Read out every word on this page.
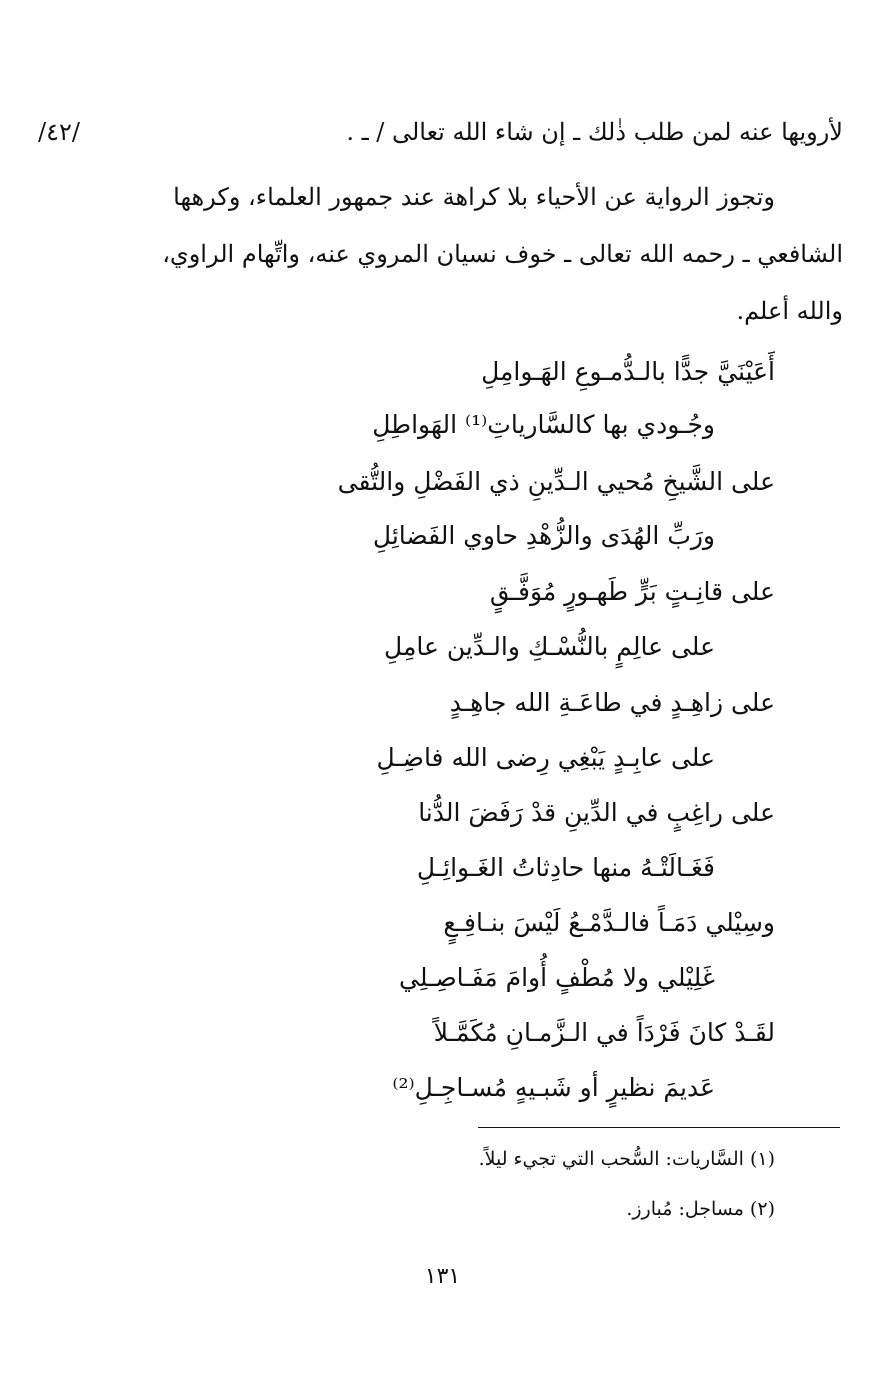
/٤٢/	لأرويها عنه لمن طلب ذٰلك ـ إن شاء الله تعالى / ـ .
وتجوز الرواية عن الأحياء بلا كراهة عند جمهور العلماء، وكرهها
الشافعي ـ رحمه الله تعالى ـ خوف نسيان المروي عنه، واتِّهام الراوي،
والله أعلم.
أَعَيْنَيَّ جدًّا بالـدُّمـوعِ الهَـوامِلِ
وجُـودي بها كالسَّارياتِ⁽¹⁾ الهَواطِلِ
على الشَّيخِ مُحيي الـدِّينِ ذي الفَضْلِ والتُّقى
ورَبِّ الهُدَى والزُّهْدِ حاوي الفَضائِلِ
على قانِـتٍ بَرٍّ طَهـورٍ مُوَفَّـقٍ
على عالِمٍ بالنُّسْـكِ والـدِّين عامِلِ
على زاهِـدٍ في طاعَـةِ الله جاهِـدٍ
على عابِـدٍ يَبْغِي رِضى الله فاضِـلِ
على راغِبٍ في الدِّينِ قدْ رَفَضَ الدُّنا
فَغَـالَتْـهُ منها حادِثاتُ الغَـوائِـلِ
وسِيْلي دَمَـاً فالـدَّمْـعُ لَيْسَ بنـافِـعٍ
غَلِيْلي ولا مُطْفٍ أُوامَ مَفَـاصِـلِي
لقَـدْ كانَ فَرْدَاً في الـزَّمـانِ مُكَمَّـلاً
عَديمَ نظيرٍ أو شَبـيهٍ مُسـاجِـلِ⁽²⁾
(١) السَّاريات: السُّحب التي تجيء ليلاً.
(٢) مساجل: مُبارز.
١٣١
